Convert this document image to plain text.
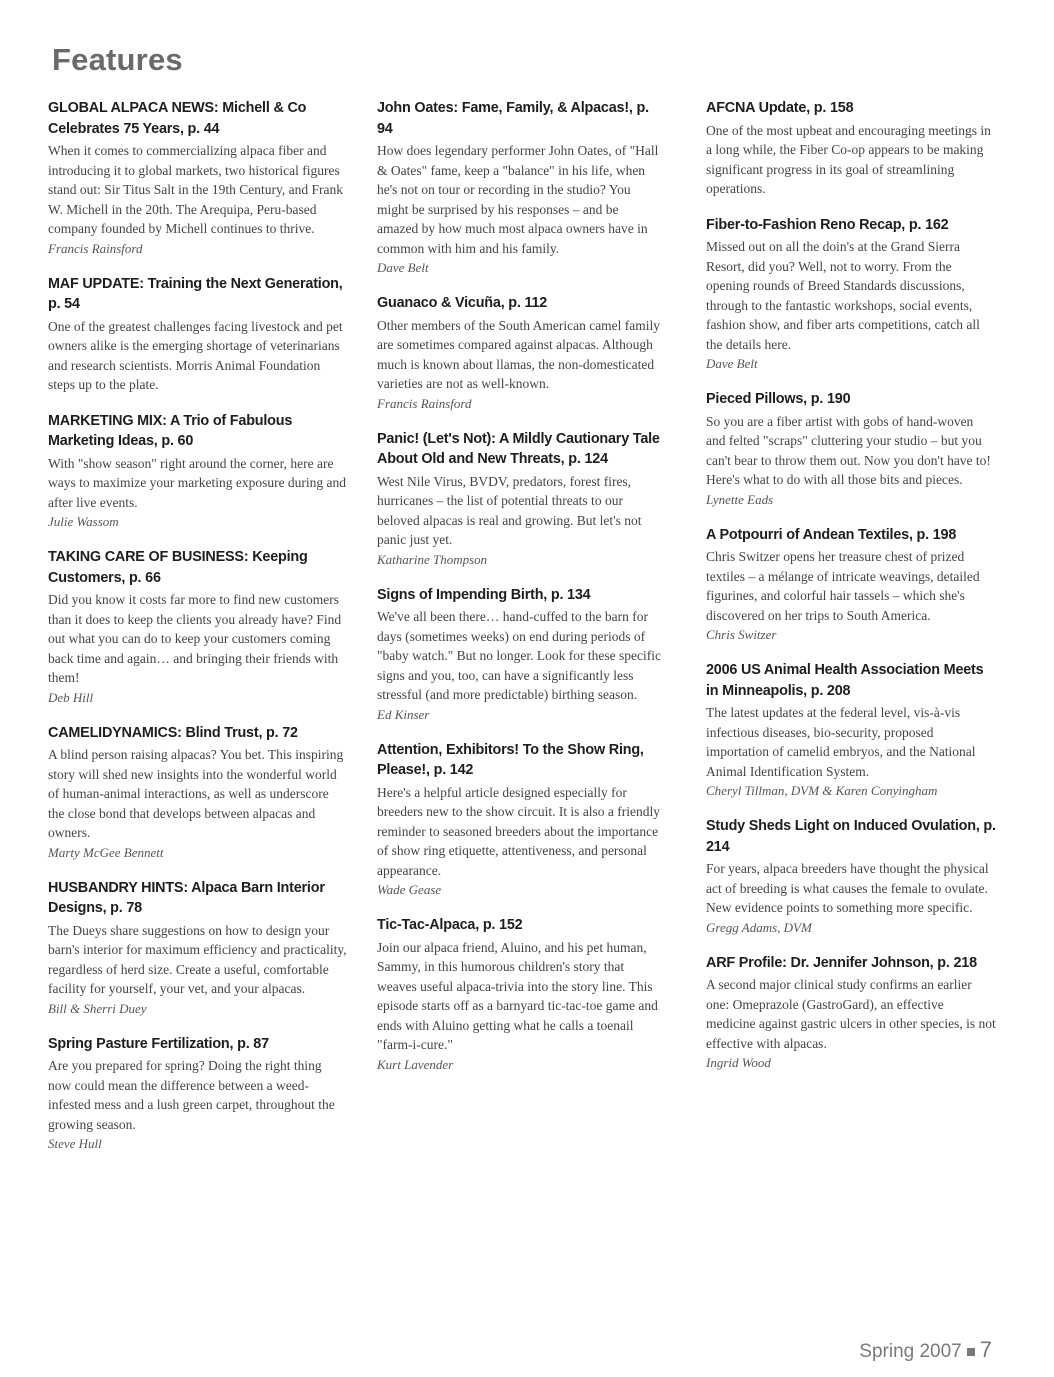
Features
GLOBAL ALPACA NEWS: Michell & Co Celebrates 75 Years, p. 44
When it comes to commercializing alpaca fiber and introducing it to global markets, two historical figures stand out: Sir Titus Salt in the 19th Century, and Frank W. Michell in the 20th. The Arequipa, Peru-based company founded by Michell continues to thrive.
Francis Rainsford
MAF UPDATE: Training the Next Generation, p. 54
One of the greatest challenges facing livestock and pet owners alike is the emerging shortage of veterinarians and research scientists. Morris Animal Foundation steps up to the plate.
MARKETING MIX: A Trio of Fabulous Marketing Ideas, p. 60
With "show season" right around the corner, here are ways to maximize your marketing exposure during and after live events.
Julie Wassom
TAKING CARE OF BUSINESS: Keeping Customers, p. 66
Did you know it costs far more to find new customers than it does to keep the clients you already have? Find out what you can do to keep your customers coming back time and again… and bringing their friends with them!
Deb Hill
CAMELIDYNAMICS: Blind Trust, p. 72
A blind person raising alpacas? You bet. This inspiring story will shed new insights into the wonderful world of human-animal interactions, as well as underscore the close bond that develops between alpacas and owners.
Marty McGee Bennett
HUSBANDRY HINTS: Alpaca Barn Interior Designs, p. 78
The Dueys share suggestions on how to design your barn's interior for maximum efficiency and practicality, regardless of herd size. Create a useful, comfortable facility for yourself, your vet, and your alpacas.
Bill & Sherri Duey
Spring Pasture Fertilization, p. 87
Are you prepared for spring? Doing the right thing now could mean the difference between a weed-infested mess and a lush green carpet, throughout the growing season.
Steve Hull
John Oates: Fame, Family, & Alpacas!, p. 94
How does legendary performer John Oates, of "Hall & Oates" fame, keep a "balance" in his life, when he's not on tour or recording in the studio? You might be surprised by his responses – and be amazed by how much most alpaca owners have in common with him and his family.
Dave Belt
Guanaco & Vicuña, p. 112
Other members of the South American camel family are sometimes compared against alpacas. Although much is known about llamas, the non-domesticated varieties are not as well-known.
Francis Rainsford
Panic! (Let's Not): A Mildly Cautionary Tale About Old and New Threats, p. 124
West Nile Virus, BVDV, predators, forest fires, hurricanes – the list of potential threats to our beloved alpacas is real and growing. But let's not panic just yet.
Katharine Thompson
Signs of Impending Birth, p. 134
We've all been there… hand-cuffed to the barn for days (sometimes weeks) on end during periods of "baby watch." But no longer. Look for these specific signs and you, too, can have a significantly less stressful (and more predictable) birthing season.
Ed Kinser
Attention, Exhibitors! To the Show Ring, Please!, p. 142
Here's a helpful article designed especially for breeders new to the show circuit. It is also a friendly reminder to seasoned breeders about the importance of show ring etiquette, attentiveness, and personal appearance.
Wade Gease
Tic-Tac-Alpaca, p. 152
Join our alpaca friend, Aluino, and his pet human, Sammy, in this humorous children's story that weaves useful alpaca-trivia into the story line. This episode starts off as a barnyard tic-tac-toe game and ends with Aluino getting what he calls a toenail "farm-i-cure."
Kurt Lavender
AFCNA Update, p. 158
One of the most upbeat and encouraging meetings in a long while, the Fiber Co-op appears to be making significant progress in its goal of streamlining operations.
Fiber-to-Fashion Reno Recap, p. 162
Missed out on all the doin's at the Grand Sierra Resort, did you? Well, not to worry. From the opening rounds of Breed Standards discussions, through to the fantastic workshops, social events, fashion show, and fiber arts competitions, catch all the details here.
Dave Belt
Pieced Pillows, p. 190
So you are a fiber artist with gobs of hand-woven and felted "scraps" cluttering your studio – but you can't bear to throw them out. Now you don't have to! Here's what to do with all those bits and pieces.
Lynette Eads
A Potpourri of Andean Textiles, p. 198
Chris Switzer opens her treasure chest of prized textiles – a mélange of intricate weavings, detailed figurines, and colorful hair tassels – which she's discovered on her trips to South America.
Chris Switzer
2006 US Animal Health Association Meets in Minneapolis, p. 208
The latest updates at the federal level, vis-à-vis infectious diseases, bio-security, proposed importation of camelid embryos, and the National Animal Identification System.
Cheryl Tillman, DVM & Karen Conyingham
Study Sheds Light on Induced Ovulation, p. 214
For years, alpaca breeders have thought the physical act of breeding is what causes the female to ovulate. New evidence points to something more specific.
Gregg Adams, DVM
ARF Profile: Dr. Jennifer Johnson, p. 218
A second major clinical study confirms an earlier one: Omeprazole (GastroGard), an effective medicine against gastric ulcers in other species, is not effective with alpacas.
Ingrid Wood
Spring 2007 7
